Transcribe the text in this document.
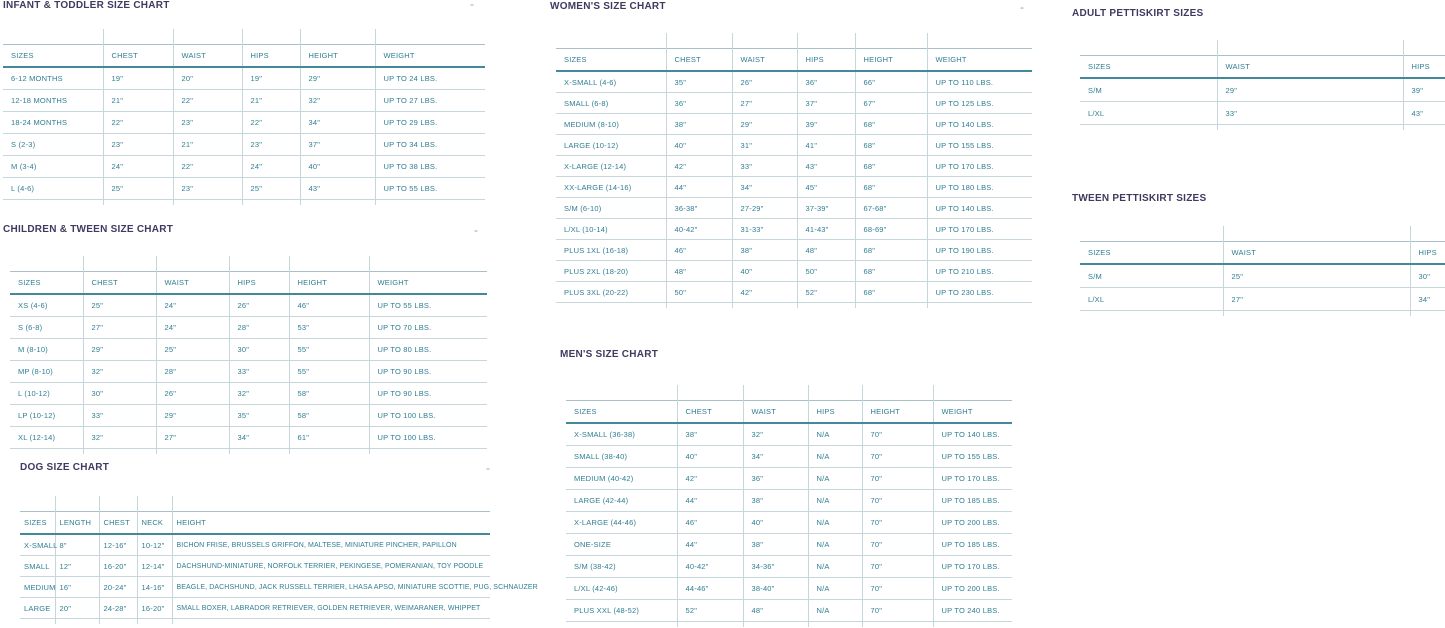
INFANT & TODDLER SIZE CHART	-

SIZES	CHEST	WAIST	HIPS	HEIGHT	WEIGHT
6-12 MONTHS	19"	20"	19"	29"	UP TO 24 LBS.
12-18 MONTHS	21"	22"	21"	32"	UP TO 27 LBS.
18-24 MONTHS	22"	23"	22"	34"	UP TO 29 LBS.
S (2-3)	23"	21"	23"	37"	UP TO 34 LBS.
M (3-4)	24"	22"	24"	40"	UP TO 38 LBS.
L (4-6)	25"	23"	25"	43"	UP TO 55 LBS.

CHILDREN & TWEEN SIZE CHART	-

SIZES	CHEST	WAIST	HIPS	HEIGHT	WEIGHT
XS (4-6)	25"	24"	26"	46"	UP TO 55 LBS.
S (6-8)	27"	24"	28"	53"	UP TO 70 LBS.
M (8-10)	29"	25"	30"	55"	UP TO 80 LBS.
MP (8-10)	32"	28"	33"	55"	UP TO 90 LBS.
L (10-12)	30"	26"	32"	58"	UP TO 90 LBS.
LP (10-12)	33"	29"	35"	58"	UP TO 100 LBS.
XL (12-14)	32"	27"	34"	61"	UP TO 100 LBS.

DOG SIZE CHART	-

SIZES	LENGTH	CHEST	NECK	HEIGHT
X-SMALL	8"	12-16"	10-12"	BICHON FRISE, BRUSSELS GRIFFON, MALTESE, MINIATURE PINCHER, PAPILLON
SMALL	12"	16-20"	12-14"	DACHSHUND-MINIATURE, NORFOLK TERRIER, PEKINGESE, POMERANIAN, TOY POODLE
MEDIUM	16"	20-24"	14-16"	BEAGLE, DACHSHUND, JACK RUSSELL TERRIER, LHASA APSO, MINIATURE SCOTTIE, PUG, SCHNAUZER
LARGE	20"	24-28"	16-20"	SMALL BOXER, LABRADOR RETRIEVER, GOLDEN RETRIEVER, WEIMARANER, WHIPPET

WOMEN'S SIZE CHART	-

SIZES	CHEST	WAIST	HIPS	HEIGHT	WEIGHT
X-SMALL (4-6)	35"	26"	36"	66"	UP TO 110 LBS.
SMALL (6-8)	36"	27"	37"	67"	UP TO 125 LBS.
MEDIUM (8-10)	38"	29"	39"	68"	UP TO 140 LBS.
LARGE (10-12)	40"	31"	41"	68"	UP TO 155 LBS.
X-LARGE (12-14)	42"	33"	43"	68"	UP TO 170 LBS.
XX-LARGE (14-16)	44"	34"	45"	68"	UP TO 180 LBS.
S/M (6-10)	36-38"	27-29"	37-39"	67-68"	UP TO 140 LBS.
L/XL (10-14)	40-42"	31-33"	41-43"	68-69"	UP TO 170 LBS.
PLUS 1XL (16-18)	46"	38"	48"	68"	UP TO 190 LBS.
PLUS 2XL (18-20)	48"	40"	50"	68"	UP TO 210 LBS.
PLUS 3XL (20-22)	50"	42"	52"	68"	UP TO 230 LBS.

MEN'S SIZE CHART

SIZES	CHEST	WAIST	HIPS	HEIGHT	WEIGHT
X-SMALL (36-38)	38"	32"	N/A	70"	UP TO 140 LBS.
SMALL (38-40)	40"	34"	N/A	70"	UP TO 155 LBS.
MEDIUM (40-42)	42"	36"	N/A	70"	UP TO 170 LBS.
LARGE (42-44)	44"	38"	N/A	70"	UP TO 185 LBS.
X-LARGE (44-46)	46"	40"	N/A	70"	UP TO 200 LBS.
ONE-SIZE	44"	38"	N/A	70"	UP TO 185 LBS.
S/M (38-42)	40-42"	34-36"	N/A	70"	UP TO 170 LBS.
L/XL (42-46)	44-46"	38-40"	N/A	70"	UP TO 200 LBS.
PLUS XXL (48-52)	52"	48"	N/A	70"	UP TO 240 LBS.

ADULT PETTISKIRT SIZES

SIZES	WAIST	HIPS
S/M	29"	39"
L/XL	33"	43"

TWEEN PETTISKIRT SIZES

SIZES	WAIST	HIPS
S/M	25"	30"
L/XL	27"	34"
